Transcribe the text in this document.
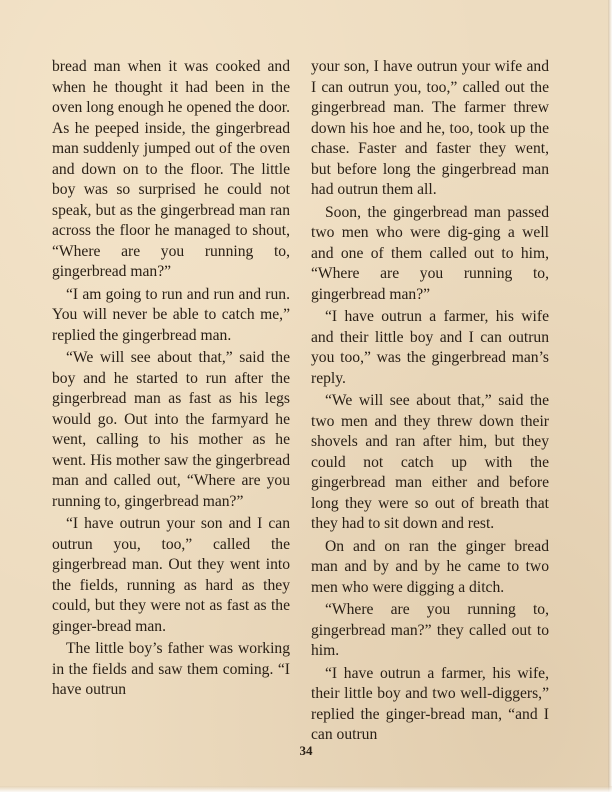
bread man when it was cooked and when he thought it had been in the oven long enough he opened the door. As he peeped inside, the gingerbread man suddenly jumped out of the oven and down on to the floor. The little boy was so surprised he could not speak, but as the gingerbread man ran across the floor he managed to shout, “Where are you running to, gingerbread man?”

“I am going to run and run and run. You will never be able to catch me,” replied the gingerbread man.

“We will see about that,” said the boy and he started to run after the gingerbread man as fast as his legs would go. Out into the farmyard he went, calling to his mother as he went. His mother saw the gingerbread man and called out, “Where are you running to, gingerbread man?”

“I have outrun your son and I can outrun you, too,” called the gingerbread man. Out they went into the fields, running as hard as they could, but they were not as fast as the ginger-bread man.

The little boy’s father was working in the fields and saw them coming. “I have outrun

your son, I have outrun your wife and I can outrun you, too,” called out the gingerbread man. The farmer threw down his hoe and he, too, took up the chase. Faster and faster they went, but before long the gingerbread man had outrun them all.

Soon, the gingerbread man passed two men who were dig-ging a well and one of them called out to him, “Where are you running to, gingerbread man?”

“I have outrun a farmer, his wife and their little boy and I can outrun you too,” was the gingerbread man’s reply.

“We will see about that,” said the two men and they threw down their shovels and ran after him, but they could not catch up with the gingerbread man either and before long they were so out of breath that they had to sit down and rest.

On and on ran the ginger bread man and by and by he came to two men who were digging a ditch.

“Where are you running to, gingerbread man?” they called out to him.

“I have outrun a farmer, his wife, their little boy and two well-diggers,” replied the ginger-bread man, “and I can outrun

34
